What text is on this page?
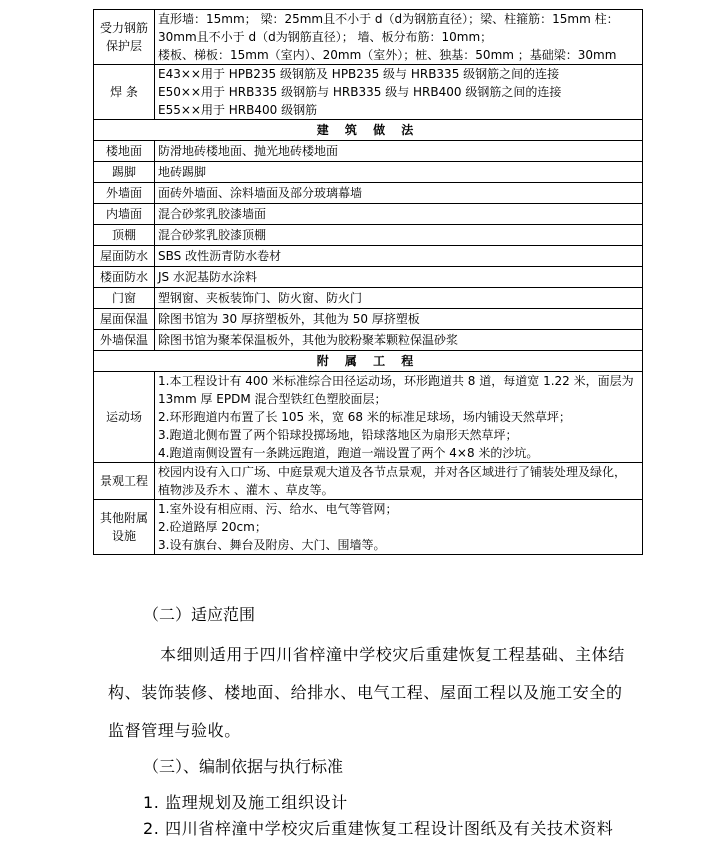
受力钢筋保护层	直形墙：15mm； 梁：25mm且不小于 d（d为钢筋直径）；梁、柱箍筋：15mm 柱：
30mm且不小于 d（d为钢筋直径）； 墙、板分布筋：10mm；
楼板、梯板：15mm（室内）、20mm（室外）；桩、独基：50mm ；基础梁：30mm

焊 条	E43××用于 HPB235 级钢筋及 HPB235 级与 HRB335 级钢筋之间的连接
E50××用于 HRB335 级钢筋与 HRB335 级与 HRB400 级钢筋之间的连接
E55××用于 HRB400 级钢筋

建 筑 做 法	
楼地面	防滑地砖楼地面、抛光地砖楼地面
踢脚	地砖踢脚
外墙面	面砖外墙面、涂料墙面及部分玻璃幕墙
内墙面	混合砂浆乳胶漆墙面
顶棚	混合砂浆乳胶漆顶棚
屋面防水	SBS 改性沥青防水卷材
楼面防水	JS 水泥基防水涂料
门窗	塑钢窗、夹板装饰门、防火窗、防火门
屋面保温	除图书馆为 30 厚挤塑板外，其他为 50 厚挤塑板
外墙保温	除图书馆为聚苯保温板外，其他为胶粉聚苯颗粒保温砂浆
附 属 工 程	
运动场	1.本工程设计有 400 米标准综合田径运动场，环形跑道共 8 道，每道宽 1.22 米，面层为
13mm 厚 EPDM 混合型铁红色塑胶面层；
2.环形跑道内布置了长 105 米，宽 68 米的标准足球场，场内铺设天然草坪；
3.跑道北侧布置了两个铅球投掷场地，铅球落地区为扇形天然草坪；
4.跑道南侧设置有一条跳远跑道，跑道一端设置了两个 4×8 米的沙坑。

景观工程	校园内设有入口广场、中庭景观大道及各节点景观，并对各区域进行了铺装处理及绿化，
植物涉及乔木 、灌木 、草皮等。

其他附属设施	1.室外设有相应雨、污、给水、电气等管网；
2.砼道路厚 20cm；
3.设有旗台、舞台及附房、大门、围墙等。
（二）适应范围
本细则适用于四川省梓潼中学校灾后重建恢复工程基础、主体结
构、装饰装修、楼地面、给排水、电气工程、屋面工程以及施工安全的
监督管理与验收。
（三）、编制依据与执行标准
1. 监理规划及施工组织设计
2. 四川省梓潼中学校灾后重建恢复工程设计图纸及有关技术资料
